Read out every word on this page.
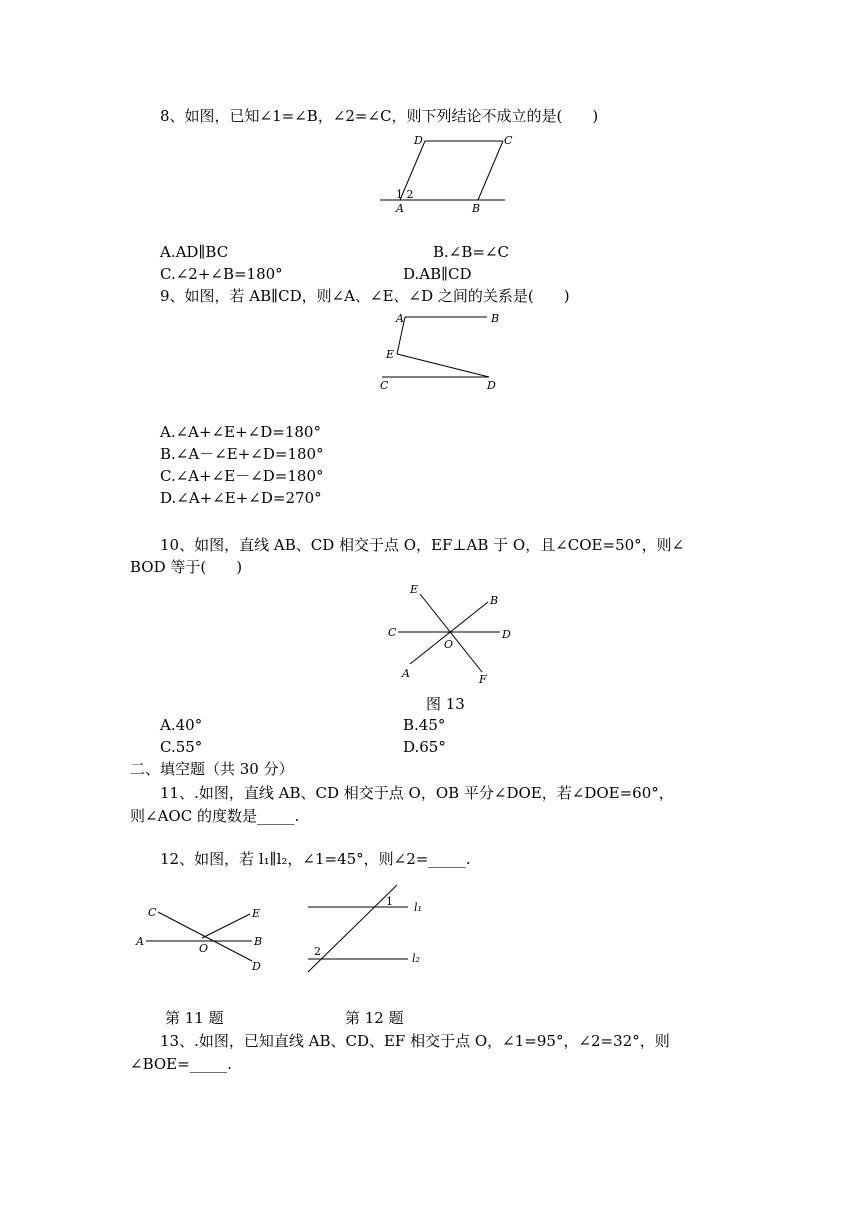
8、如图，已知∠1=∠B，∠2=∠C，则下列结论不成立的是(　　)
D	C
A	B
1 2
A.AD∥BC	B.∠B=∠C
C.∠2+∠B=180°	D.AB∥CD
9、如图，若 AB∥CD，则∠A、∠E、∠D 之间的关系是(　　)
A	B
E
C	D
A.∠A+∠E+∠D=180°
B.∠A－∠E+∠D=180°
C.∠A+∠E－∠D=180°
D.∠A+∠E+∠D=270°
10、如图，直线 AB、CD 相交于点 O，EF⊥AB 于 O，且∠COE=50°，则∠
BOD 等于(　　)
C	D
B
A
E
F
O
图 13
A.40°	B.45°
C.55°	D.65°
二、填空题（共 30 分）
11、.如图，直线 AB、CD 相交于点 O，OB 平分∠DOE，若∠DOE=60°，
则∠AOC 的度数是_____.
12、如图，若 l₁∥l₂，∠1=45°，则∠2=_____.
A	B
C	E
D
O
l₁
l₂
1
2
第 11 题	第 12 题
13、.如图，已知直线 AB、CD、EF 相交于点 O，∠1=95°，∠2=32°，则
∠BOE=_____.
